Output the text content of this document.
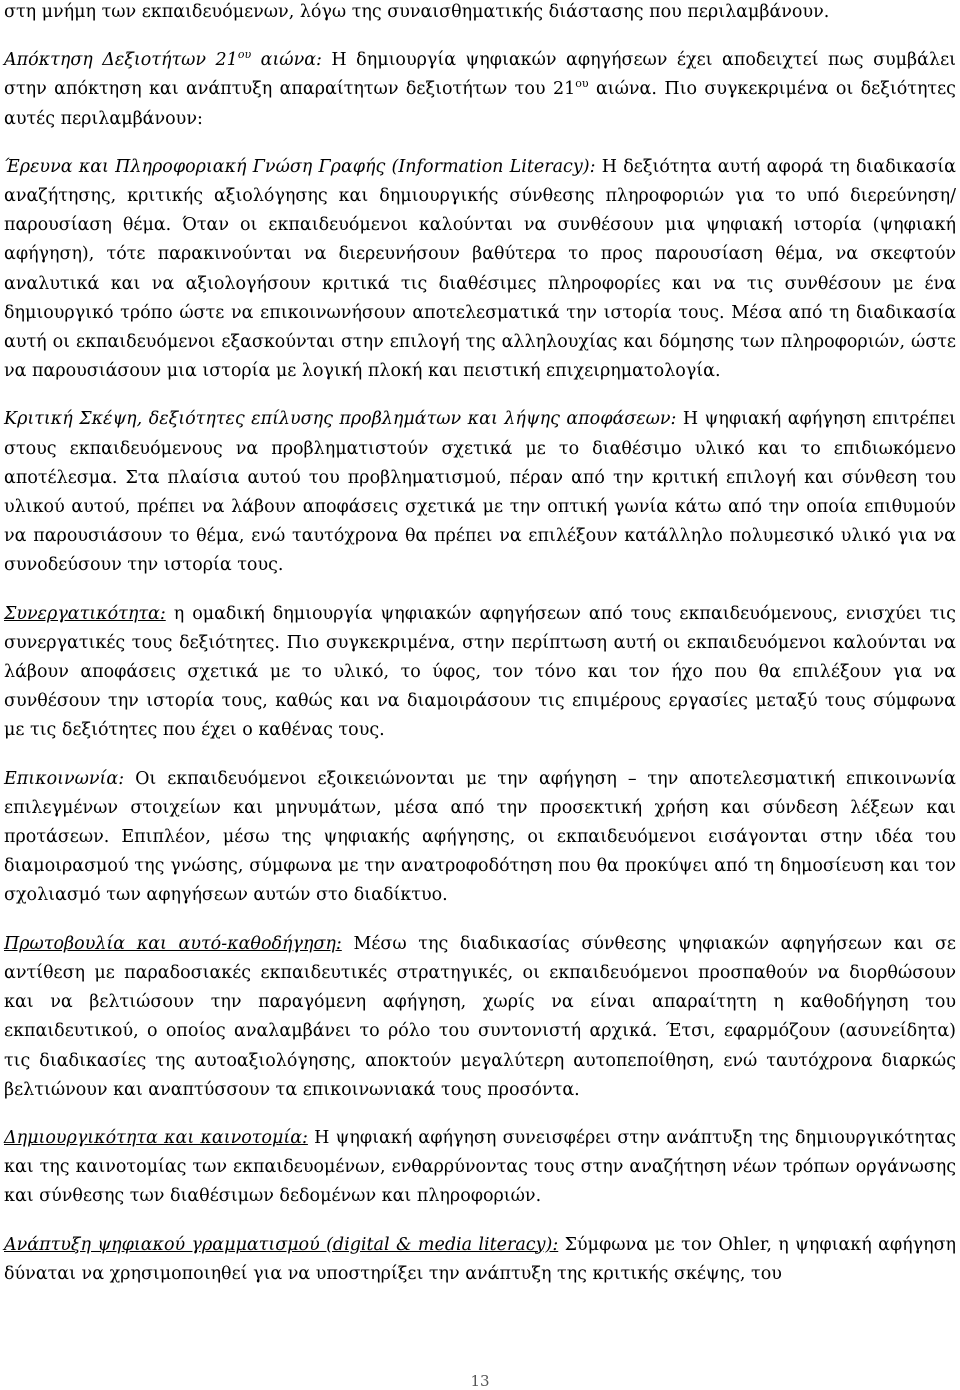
στη μνήμη των εκπαιδευόμενων, λόγω της συναισθηματικής διάστασης που περιλαμβάνουν.

Απόκτηση Δεξιοτήτων $21^{o\upsilon}$ αιώνα: Η δημιουργία ψηφιακών αφηγήσεων έχει αποδειχτεί πως συμβάλει στην απόκτηση και ανάπτυξη απαραίτητων δεξιοτήτων του $21^{o\upsilon}$ αιώνα. Πιο συγκεκριμένα οι δεξιότητες αυτές περιλαμβάνουν:

Έρευνα και Πληροφοριακή Γνώση Γραφής (Information Literacy): Η δεξιότητα αυτή αφορά τη διαδικασία αναζήτησης, κριτικής αξιολόγησης και δημιουργικής σύνθεσης πληροφοριών για το υπό διερεύνηση/παρουσίαση θέμα. Όταν οι εκπαιδευόμενοι καλούνται να συνθέσουν μια ψηφιακή ιστορία (ψηφιακή αφήγηση), τότε παρακινούνται να διερευνήσουν βαθύτερα το προς παρουσίαση θέμα, να σκεφτούν αναλυτικά και να αξιολογήσουν κριτικά τις διαθέσιμες πληροφορίες και να τις συνθέσουν με ένα δημιουργικό τρόπο ώστε να επικοινωνήσουν αποτελεσματικά την ιστορία τους. Μέσα από τη διαδικασία αυτή οι εκπαιδευόμενοι εξασκούνται στην επιλογή της αλληλουχίας και δόμησης των πληροφοριών, ώστε να παρουσιάσουν μια ιστορία με λογική πλοκή και πειστική επιχειρηματολογία.

Κριτική Σκέψη, δεξιότητες επίλυσης προβλημάτων και λήψης αποφάσεων: Η ψηφιακή αφήγηση επιτρέπει στους εκπαιδευόμενους να προβληματιστούν σχετικά με το διαθέσιμο υλικό και το επιδιωκόμενο αποτέλεσμα. Στα πλαίσια αυτού του προβληματισμού, πέραν από την κριτική επιλογή και σύνθεση του υλικού αυτού, πρέπει να λάβουν αποφάσεις σχετικά με την οπτική γωνία κάτω από την οποία επιθυμούν να παρουσιάσουν το θέμα, ενώ ταυτόχρονα θα πρέπει να επιλέξουν κατάλληλο πολυμεσικό υλικό για να συνοδεύσουν την ιστορία τους.

Συνεργατικότητα: η ομαδική δημιουργία ψηφιακών αφηγήσεων από τους εκπαιδευόμενους, ενισχύει τις συνεργατικές τους δεξιότητες. Πιο συγκεκριμένα, στην περίπτωση αυτή οι εκπαιδευόμενοι καλούνται να λάβουν αποφάσεις σχετικά με το υλικό, το ύφος, τον τόνο και τον ήχο που θα επιλέξουν για να συνθέσουν την ιστορία τους, καθώς και να διαμοιράσουν τις επιμέρους εργασίες μεταξύ τους σύμφωνα με τις δεξιότητες που έχει ο καθένας τους.

Επικοινωνία: Οι εκπαιδευόμενοι εξοικειώνονται με την αφήγηση – την αποτελεσματική επικοινωνία επιλεγμένων στοιχείων και μηνυμάτων, μέσα από την προσεκτική χρήση και σύνδεση λέξεων και προτάσεων. Επιπλέον, μέσω της ψηφιακής αφήγησης, οι εκπαιδευόμενοι εισάγονται στην ιδέα του διαμοιρασμού της γνώσης, σύμφωνα με την ανατροφοδότηση που θα προκύψει από τη δημοσίευση και τον σχολιασμό των αφηγήσεων αυτών στο διαδίκτυο.

Πρωτοβουλία και αυτό-καθοδήγηση: Μέσω της διαδικασίας σύνθεσης ψηφιακών αφηγήσεων και σε αντίθεση με παραδοσιακές εκπαιδευτικές στρατηγικές, οι εκπαιδευόμενοι προσπαθούν να διορθώσουν και να βελτιώσουν την παραγόμενη αφήγηση, χωρίς να είναι απαραίτητη η καθοδήγηση του εκπαιδευτικού, ο οποίος αναλαμβάνει το ρόλο του συντονιστή αρχικά. Έτσι, εφαρμόζουν (ασυνείδητα) τις διαδικασίες της αυτοαξιολόγησης, αποκτούν μεγαλύτερη αυτοπεποίθηση, ενώ ταυτόχρονα διαρκώς βελτιώνουν και αναπτύσσουν τα επικοινωνιακά τους προσόντα.

Δημιουργικότητα και καινοτομία: Η ψηφιακή αφήγηση συνεισφέρει στην ανάπτυξη της δημιουργικότητας και της καινοτομίας των εκπαιδευομένων, ενθαρρύνοντας τους στην αναζήτηση νέων τρόπων οργάνωσης και σύνθεσης των διαθέσιμων δεδομένων και πληροφοριών.

Ανάπτυξη ψηφιακού γραμματισμού (digital & media literacy): Σύμφωνα με τον Ohler, η ψηφιακή αφήγηση δύναται να χρησιμοποιηθεί για να υποστηρίξει την ανάπτυξη της κριτικής σκέψης, του

13
